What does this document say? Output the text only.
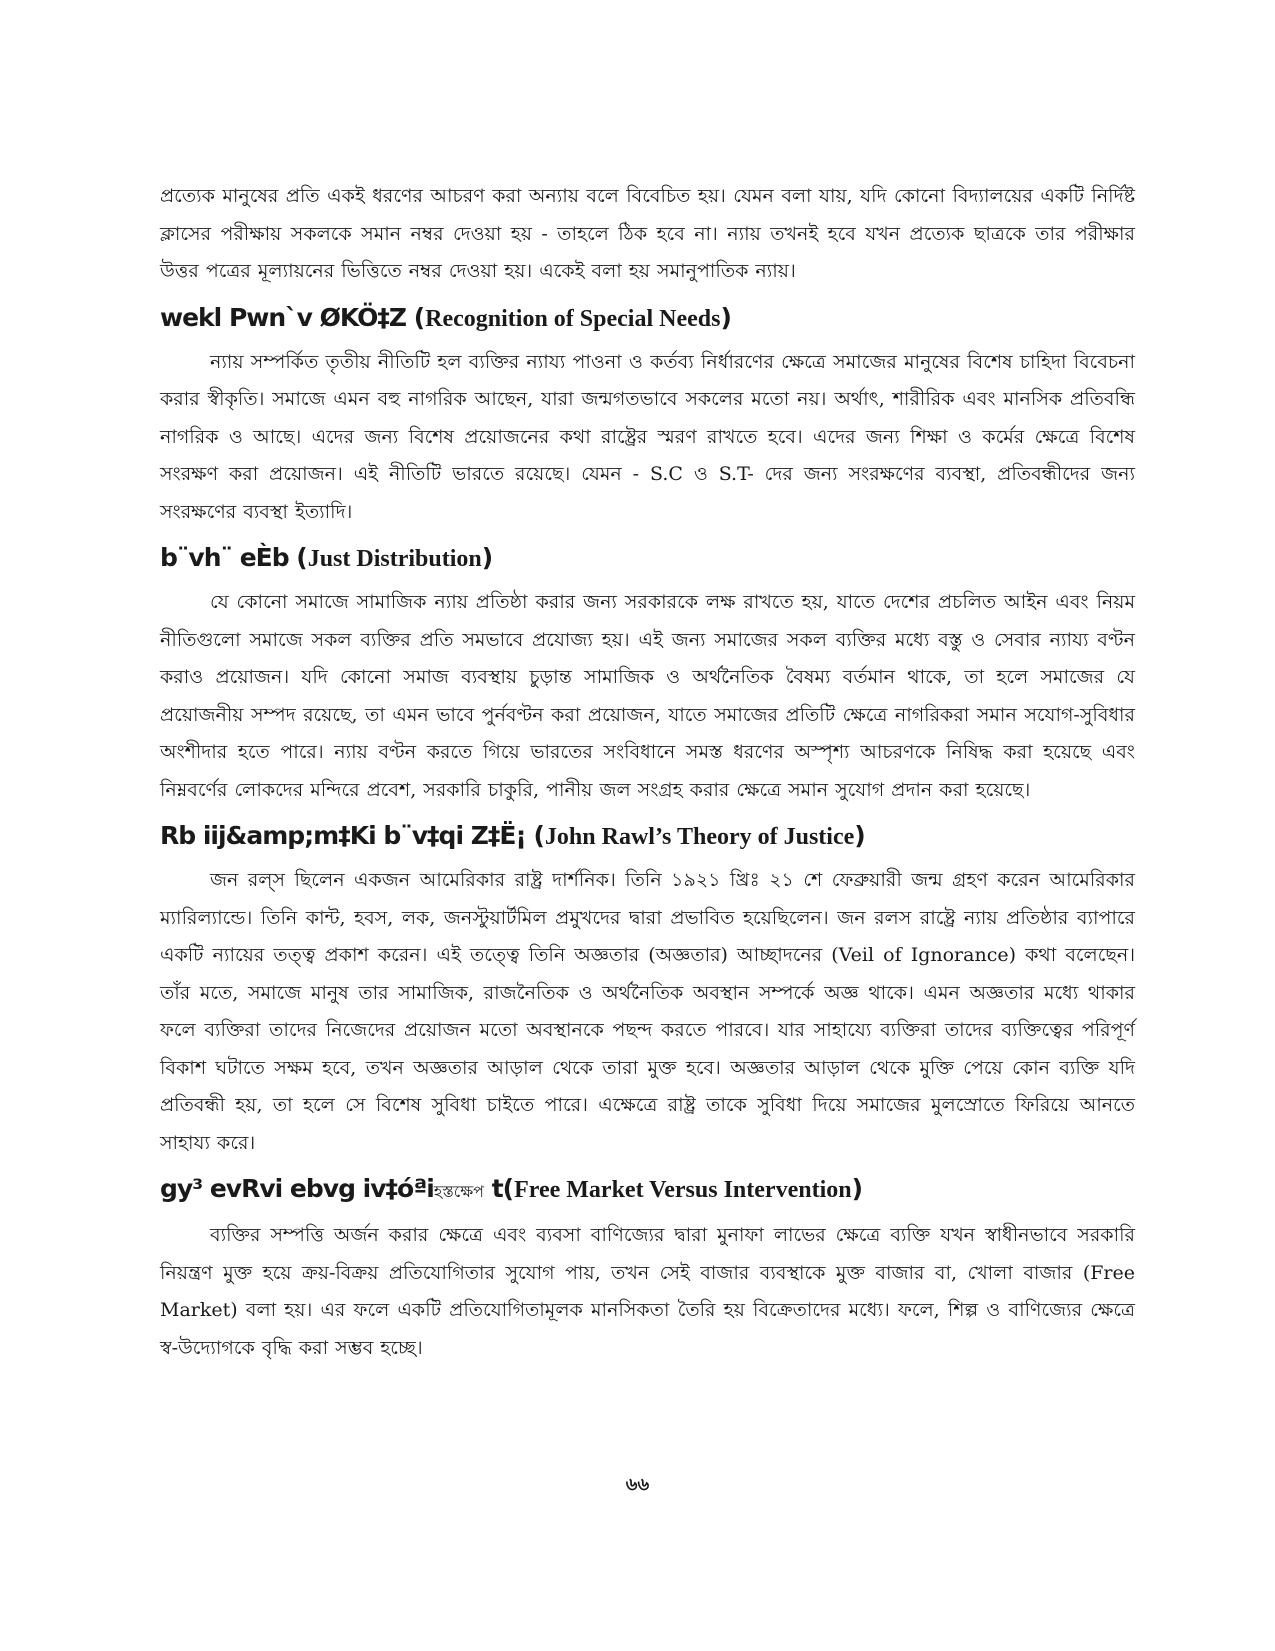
প্রত্যেক মানুষের প্রতি একই ধরণের আচরণ করা অন্যায় বলে বিবেচিত হয়। যেমন বলা যায়, যদি কোনো বিদ্যালয়ের একটি নির্দিষ্ট ক্লাসের পরীক্ষায় সকলকে সমান নম্বর দেওয়া হয় - তাহলে ঠিক হবে না। ন্যায় তখনই হবে যখন প্রত্যেক ছাত্রকে তার পরীক্ষার উত্তর পত্রের মূল্যায়নের ভিত্তিতে নম্বর দেওয়া হয়। একেই বলা হয় সমানুপাতিক ন্যায়।

wekl Pwn`v ØKÖ‡Z (Recognition of Special Needs)

ন্যায় সম্পর্কিত তৃতীয় নীতিটি হল ব্যক্তির ন্যায্য পাওনা ও কর্তব্য নির্ধারণের ক্ষেত্রে সমাজের মানুষের বিশেষ চাহিদা বিবেচনা করার স্বীকৃতি। সমাজে এমন বহু নাগরিক আছেন, যারা জন্মগতভাবে সকলের মতো নয়। অর্থাৎ, শারীরিক এবং মানসিক প্রতিবন্ধি নাগরিক ও আছে। এদের জন্য বিশেষ প্রয়োজনের কথা রাষ্ট্রের স্মরণ রাখতে হবে। এদের জন্য শিক্ষা ও কর্মের ক্ষেত্রে বিশেষ সংরক্ষণ করা প্রয়োজন। এই নীতিটি ভারতে রয়েছে। যেমন - S.C ও S.T- দের জন্য সংরক্ষণের ব্যবস্থা, প্রতিবন্ধীদের জন্য সংরক্ষণের ব্যবস্থা ইত্যাদি।

b¨vh¨ eÈb (Just Distribution)

যে কোনো সমাজে সামাজিক ন্যায় প্রতিষ্ঠা করার জন্য সরকারকে লক্ষ রাখতে হয়, যাতে দেশের প্রচলিত আইন এবং নিয়ম নীতিগুলো সমাজে সকল ব্যক্তির প্রতি সমভাবে প্রযোজ্য হয়। এই জন্য সমাজের সকল ব্যক্তির মধ্যে বস্তু ও সেবার ন্যায্য বণ্টন করাও প্রয়োজন। যদি কোনো সমাজ ব্যবস্থায় চুড়ান্ত সামাজিক ও অর্থনৈতিক বৈষম্য বর্তমান থাকে, তা হলে সমাজের যে প্রয়োজনীয় সম্পদ রয়েছে, তা এমন ভাবে পুর্নবণ্টন করা প্রয়োজন, যাতে সমাজের প্রতিটি ক্ষেত্রে নাগরিকরা সমান সযোগ-সুবিধার অংশীদার হতে পারে। ন্যায় বণ্টন করতে গিয়ে ভারতের সংবিধানে সমস্ত ধরণের অস্পৃশ্য আচরণকে নিষিদ্ধ করা হয়েছে এবং নিম্নবর্ণের লোকদের মন্দিরে প্রবেশ, সরকারি চাকুরি, পানীয় জল সংগ্রহ করার ক্ষেত্রে সমান সুযোগ প্রদান করা হয়েছে।

Rb iij&amp;m‡Ki b¨v‡qi Z‡Ë¡ (John Rawl’s Theory of Justice)

জন রল্‌স ছিলেন একজন আমেরিকার রাষ্ট্র দার্শনিক। তিনি ১৯২১ খ্রিঃ ২১ শে ফেব্রুয়ারী জন্ম গ্রহণ করেন আমেরিকার ম্যারিল্যান্ডে। তিনি কান্ট, হবস, লক, জনস্টুয়ার্টমিল প্রমুখদের দ্বারা প্রভাবিত হয়েছিলেন। জন রলস রাষ্ট্রে ন্যায় প্রতিষ্ঠার ব্যাপারে একটি ন্যায়ের তত্ত্ব প্রকাশ করেন। এই তত্ত্বে তিনি অজ্ঞতার (অজ্ঞতার) আচ্ছাদনের (Veil of Ignorance) কথা বলেছেন। তাঁর মতে, সমাজে মানুষ তার সামাজিক, রাজনৈতিক ও অর্থনৈতিক অবস্থান সম্পর্কে অজ্ঞ থাকে। এমন অজ্ঞতার মধ্যে থাকার ফলে ব্যক্তিরা তাদের নিজেদের প্রয়োজন মতো অবস্থানকে পছন্দ করতে পারবে। যার সাহায্যে ব্যক্তিরা তাদের ব্যক্তিত্বের পরিপূর্ণ বিকাশ ঘটাতে সক্ষম হবে, তখন অজ্ঞতার আড়াল থেকে তারা মুক্ত হবে। অজ্ঞতার আড়াল থেকে মুক্তি পেয়ে কোন ব্যক্তি যদি প্রতিবন্ধী হয়, তা হলে সে বিশেষ সুবিধা চাইতে পারে। এক্ষেত্রে রাষ্ট্র তাকে সুবিধা দিয়ে সমাজের মুলস্রোতে ফিরিয়ে আনতে সাহায্য করে।

gy³ evRvi ebvg iv‡óªiহস্তক্ষেপ t(Free Market Versus Intervention)

ব্যক্তির সম্পত্তি অর্জন করার ক্ষেত্রে এবং ব্যবসা বাণিজ্যের দ্বারা মুনাফা লাভের ক্ষেত্রে ব্যক্তি যখন স্বাধীনভাবে সরকারি নিয়ন্ত্রণ মুক্ত হয়ে ক্রয়-বিক্রয় প্রতিযোগিতার সুযোগ পায়, তখন সেই বাজার ব্যবস্থাকে মুক্ত বাজার বা, খোলা বাজার (Free Market) বলা হয়। এর ফলে একটি প্রতিযোগিতামূলক মানসিকতা তৈরি হয় বিক্রেতাদের মধ্যে। ফলে, শিল্প ও বাণিজ্যের ক্ষেত্রে স্ব-উদ্যোগকে বৃদ্ধি করা সম্ভব হচ্ছে।

৬৬
